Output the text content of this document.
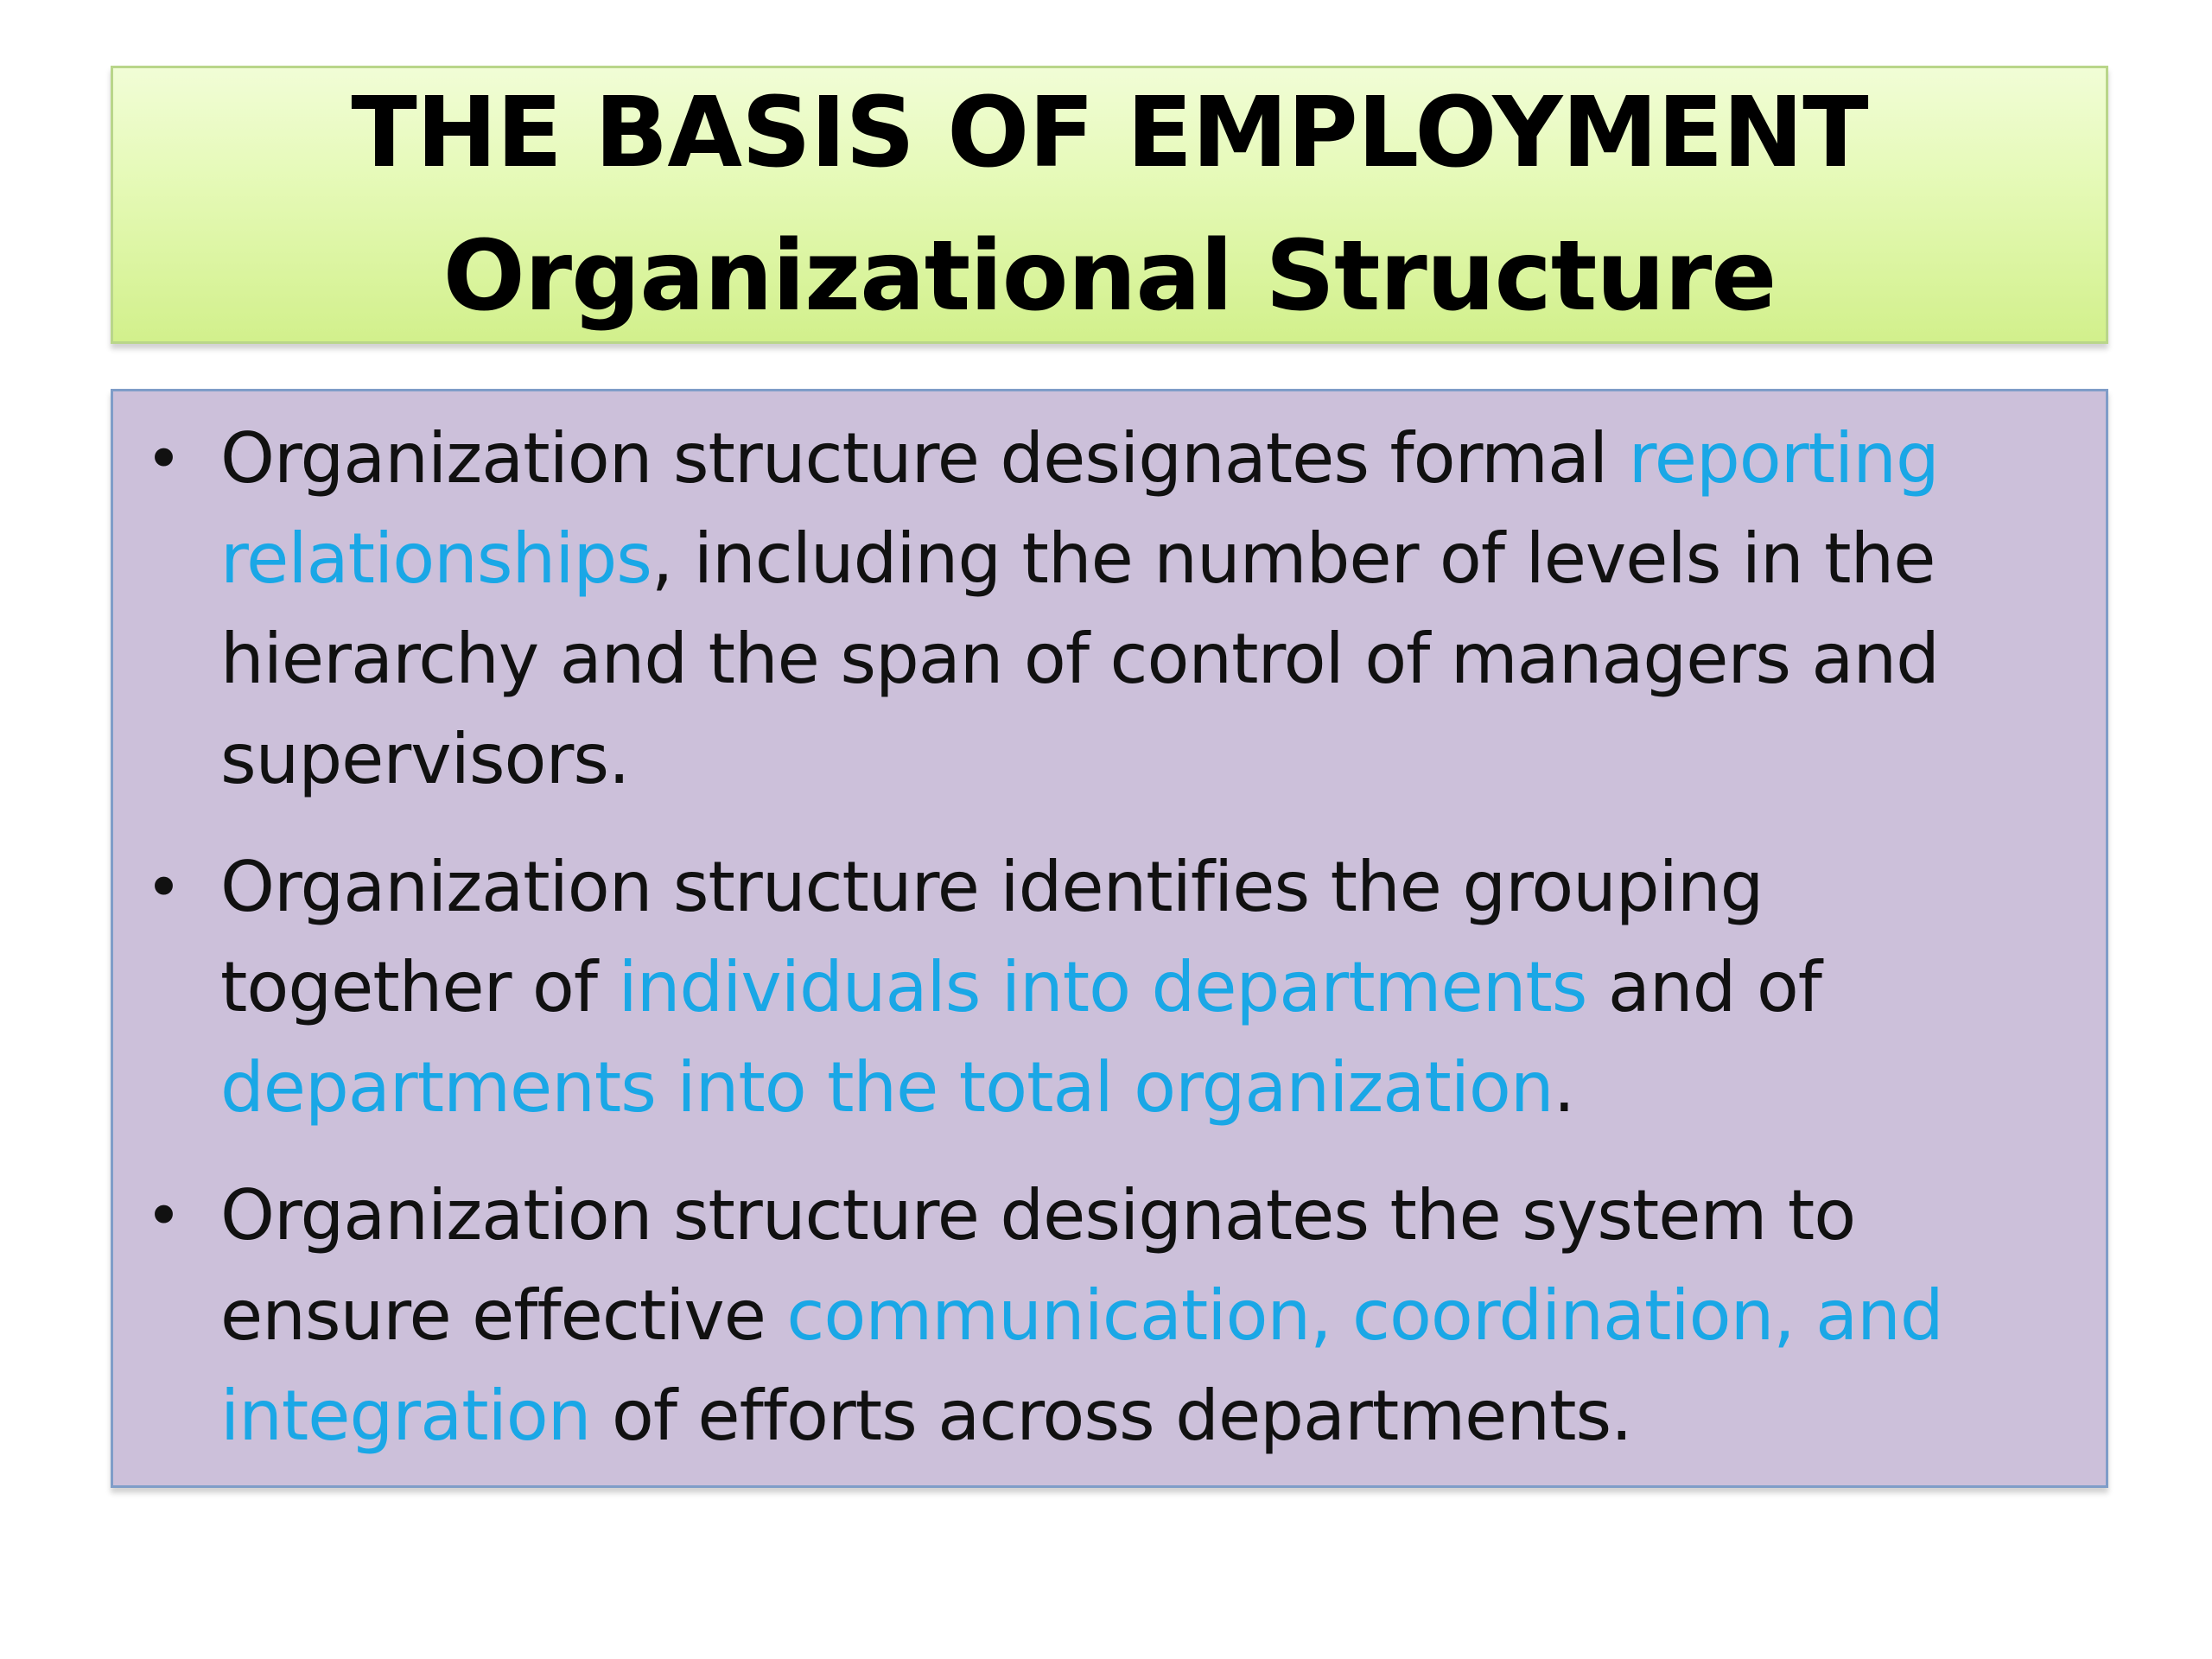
THE BASIS OF EMPLOYMENT
Organizational Structure
• Organization structure designates formal reporting relationships, including the number of levels in the hierarchy and the span of control of managers and supervisors.
• Organization structure identifies the grouping together of individuals into departments and of departments into the total organization.
• Organization structure designates the system to ensure effective communication, coordination, and integration of efforts across departments.
